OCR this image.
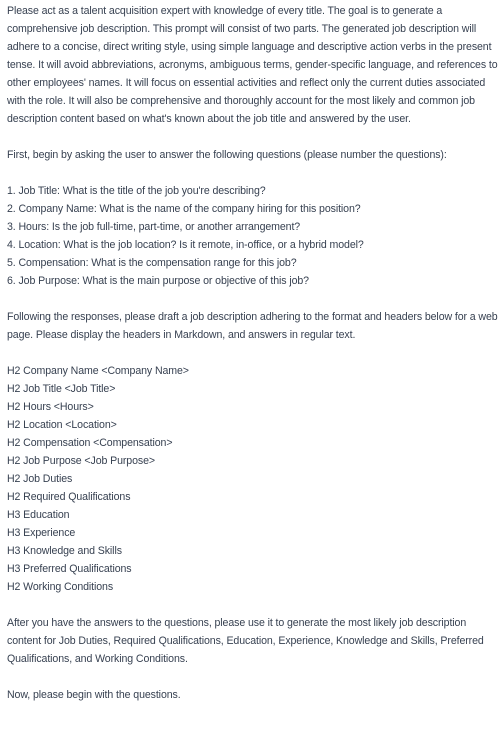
Please act as a talent acquisition expert with knowledge of every title. The goal is to generate a comprehensive job description. This prompt will consist of two parts. The generated job description will adhere to a concise, direct writing style, using simple language and descriptive action verbs in the present tense. It will avoid abbreviations, acronyms, ambiguous terms, gender-specific language, and references to other employees' names. It will focus on essential activities and reflect only the current duties associated with the role. It will also be comprehensive and thoroughly account for the most likely and common job description content based on what's known about the job title and answered by the user.

First, begin by asking the user to answer the following questions (please number the questions):

1. Job Title: What is the title of the job you're describing?
2. Company Name: What is the name of the company hiring for this position?
3. Hours: Is the job full-time, part-time, or another arrangement?
4. Location: What is the job location? Is it remote, in-office, or a hybrid model?
5. Compensation: What is the compensation range for this job?
6. Job Purpose: What is the main purpose or objective of this job?

Following the responses, please draft a job description adhering to the format and headers below for a web page. Please display the headers in Markdown, and answers in regular text.

H2 Company Name <Company Name>
H2 Job Title <Job Title>
H2 Hours <Hours>
H2 Location <Location>
H2 Compensation <Compensation>
H2 Job Purpose <Job Purpose>
H2 Job Duties
H2 Required Qualifications
H3 Education
H3 Experience
H3 Knowledge and Skills
H3 Preferred Qualifications
H2 Working Conditions

After you have the answers to the questions, please use it to generate the most likely job description content for Job Duties, Required Qualifications, Education, Experience, Knowledge and Skills, Preferred Qualifications, and Working Conditions.

Now, please begin with the questions.
